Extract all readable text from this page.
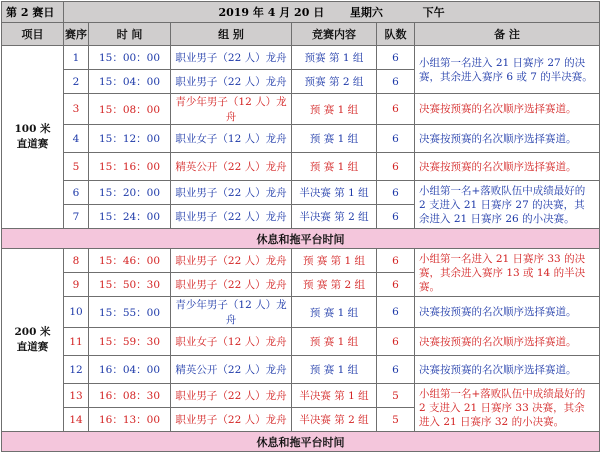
第 2 赛日	2019 年 4 月 20 日 星期六 下午					
项目	赛序	时 间	组 别	竞赛内容	队数	备 注

100 米
直道赛	1	15：00：00	职业男子（22 人）龙舟	预赛 第 1 组	6	小组第一名进入 21 日赛序 27 的决赛，其余进入赛序 6 或 7 的半决赛。
	2	15：04：00	职业男子（22 人）龙舟	预赛 第 2 组	6	
	3	15：08：00	青少年男子（12 人）龙舟	预 赛 1 组	6	决赛按预赛的名次顺序选择赛道。
	4	15：12：00	职业女子（12 人）龙舟	预 赛 1 组	6	决赛按预赛的名次顺序选择赛道。
	5	15：16：00	精英公开（22 人）龙舟	预 赛 1 组	6	决赛按预赛的名次顺序选择赛道。
	6	15：20：00	职业男子（22 人）龙舟	半决赛 第 1 组	6	小组第一名+落败队伍中成绩最好的 2 支进入 21 日赛序 27 的决赛，其余进入 21 日赛序 26 的小决赛。
	7	15：24：00	职业男子（22 人）龙舟	半决赛 第 2 组	6	
休息和拖平台时间						

200 米
直道赛	8	15：46：00	职业男子（22 人）龙舟	预 赛 第 1 组	6	小组第一名进入 21 日赛序 33 的决赛，其余进入赛序 13 或 14 的半决赛。
	9	15：50：30	职业男子（22 人）龙舟	预 赛 第 2 组	6	
	10	15：55：00	青少年男子（12 人）龙舟	预 赛 1 组	6	决赛按预赛的名次顺序选择赛道。
	11	15：59：30	职业女子（12 人）龙舟	预 赛 1 组	6	决赛按预赛的名次顺序选择赛道。
	12	16：04：00	精英公开（22 人）龙舟	预 赛 1 组	6	决赛按预赛的名次顺序选择赛道。
	13	16：08：30	职业男子（22 人）龙舟	半决赛 第 1 组	5	小组第一名+落败队伍中成绩最好的 2 支进入 21 日赛序 33 决赛，其余进入 21 日赛序 32 的小决赛。
	14	16：13：00	职业男子（22 人）龙舟	半决赛 第 2 组	5	
休息和拖平台时间						
